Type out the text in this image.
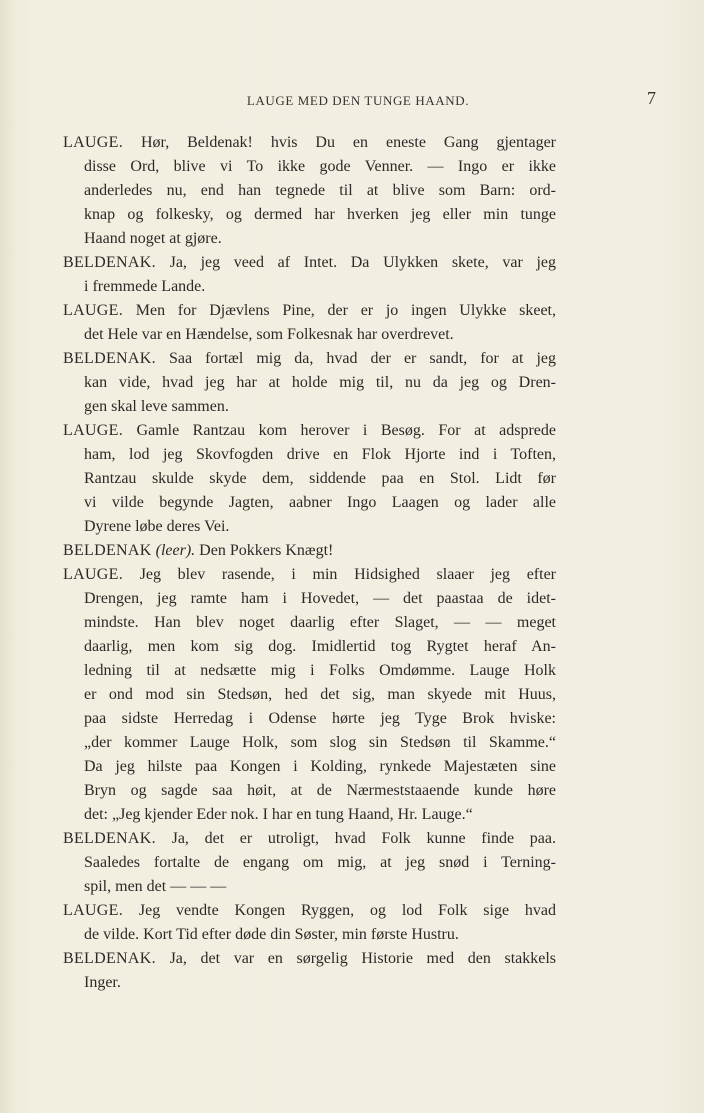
LAUGE MED DEN TUNGE HAAND.	7
LAUGE. Hør, Beldenak! hvis Du en eneste Gang gjentager
disse Ord, blive vi To ikke gode Venner. — Ingo er ikke
anderledes nu, end han tegnede til at blive som Barn: ord-
knap og folkesky, og dermed har hverken jeg eller min tunge
Haand noget at gjøre.
BELDENAK. Ja, jeg veed af Intet. Da Ulykken skete, var jeg
i fremmede Lande.
LAUGE. Men for Djævlens Pine, der er jo ingen Ulykke skeet,
det Hele var en Hændelse, som Folkesnak har overdrevet.
BELDENAK. Saa fortæl mig da, hvad der er sandt, for at jeg
kan vide, hvad jeg har at holde mig til, nu da jeg og Dren-
gen skal leve sammen.
LAUGE. Gamle Rantzau kom herover i Besøg. For at adsprede
ham, lod jeg Skovfogden drive en Flok Hjorte ind i Toften,
Rantzau skulde skyde dem, siddende paa en Stol. Lidt før
vi vilde begynde Jagten, aabner Ingo Laagen og lader alle
Dyrene løbe deres Vei.
BELDENAK (leer). Den Pokkers Knægt!
LAUGE. Jeg blev rasende, i min Hidsighed slaaer jeg efter
Drengen, jeg ramte ham i Hovedet, — det paastaa de idet-
mindste. Han blev noget daarlig efter Slaget, — — meget
daarlig, men kom sig dog. Imidlertid tog Rygtet heraf An-
ledning til at nedsætte mig i Folks Omdømme. Lauge Holk
er ond mod sin Stedsøn, hed det sig, man skyede mit Huus,
paa sidste Herredag i Odense hørte jeg Tyge Brok hviske:
„der kommer Lauge Holk, som slog sin Stedsøn til Skamme.“
Da jeg hilste paa Kongen i Kolding, rynkede Majestæten sine
Bryn og sagde saa høit, at de Nærmeststaaende kunde høre
det: „Jeg kjender Eder nok. I har en tung Haand, Hr. Lauge.“
BELDENAK. Ja, det er utroligt, hvad Folk kunne finde paa.
Saaledes fortalte de engang om mig, at jeg snød i Terning-
spil, men det — — —
LAUGE. Jeg vendte Kongen Ryggen, og lod Folk sige hvad
de vilde. Kort Tid efter døde din Søster, min første Hustru.
BELDENAK. Ja, det var en sørgelig Historie med den stakkels
Inger.
